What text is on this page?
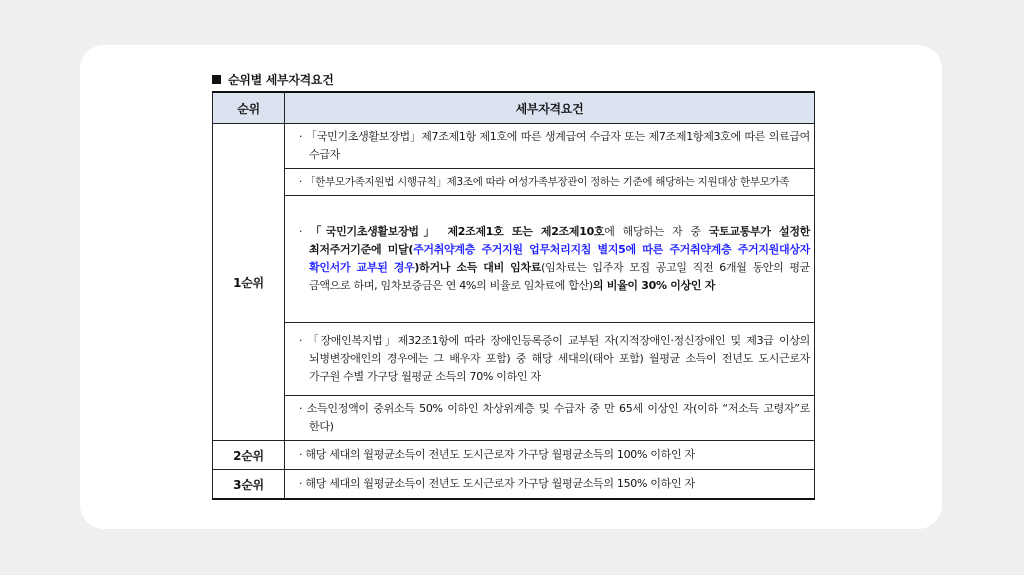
순위별 세부자격요건
순위	세부자격요건
1순위	· 「국민기초생활보장법」제7조제1항 제1호에 따른 생계급여 수급자 또는 제7조제1항제3호에 따른 의료급여 수급자

	· 「한부모가족지원법 시행규칙」제3조에 따라 여성가족부장관이 정하는 기준에 해당하는 지원대상 한부모가족

	· 「국민기초생활보장법」 제2조제1호 또는 제2조제10호에 해당하는 자 중 국토교통부가 설정한 최저주거기준에 미달(주거취약계층 주거지원 업무처리지침 별지5에 따른 주거취약계층 주거지원대상자 확인서가 교부된 경우)하거나 소득 대비 임차료(임차료는 입주자 모집 공고일 직전 6개월 동안의 평균 금액으로 하며, 임차보증금은 연 4%의 비율로 임차료에 합산)의 비율이 30% 이상인 자

	· 「장애인복지법」제32조1항에 따라 장애인등록증이 교부된 자(지적장애인·정신장애인 및 제3급 이상의 뇌병변장애인의 경우에는 그 배우자 포함) 중 해당 세대의(태아 포함) 월평균 소득이 전년도 도시근로자 가구원 수별 가구당 월평균 소득의 70% 이하인 자

	· 소득인정액이 중위소득 50% 이하인 차상위계층 및 수급자 중 만 65세 이상인 자(이하 “저소득 고령자”로 한다)

2순위	· 해당 세대의 월평균소득이 전년도 도시근로자 가구당 월평균소득의 100% 이하인 자

3순위	· 해당 세대의 월평균소득이 전년도 도시근로자 가구당 월평균소득의 150% 이하인 자
